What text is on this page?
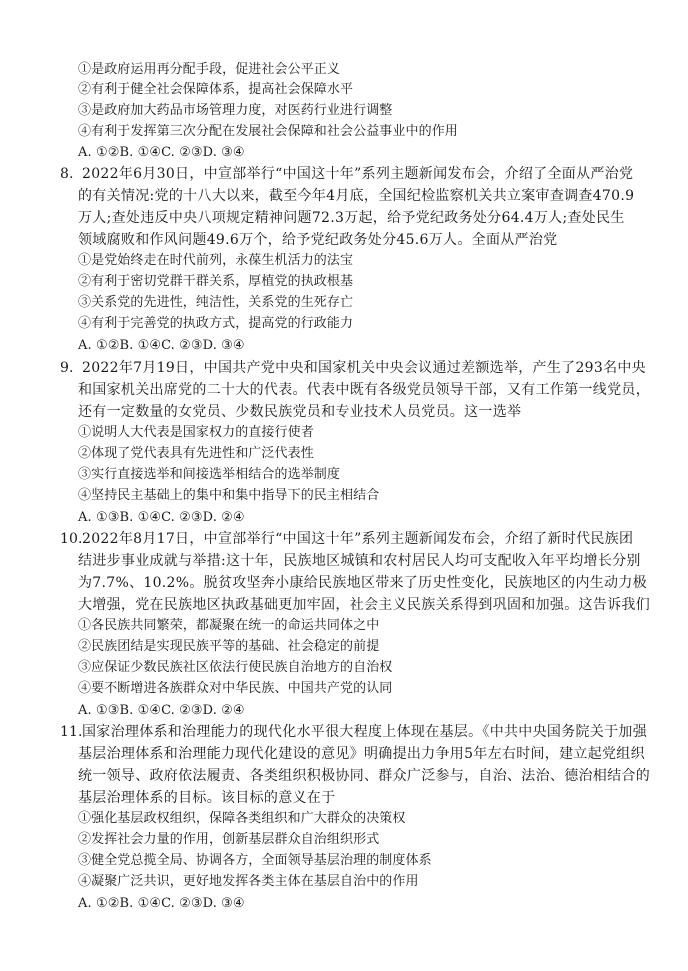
①是政府运用再分配手段，促进社会公平正义
②有利于健全社会保障体系，提高社会保障水平
③是政府加大药品市场管理力度，对医药行业进行调整
④有利于发挥第三次分配在发展社会保障和社会公益事业中的作用
A. ①②B. ①④C. ②③D. ③④
8. 2022年6月30日，中宣部举行“中国这十年”系列主题新闻发布会，介绍了全面从严治党
的有关情况:党的十八大以来，截至今年4月底，全国纪检监察机关共立案审查调查470.9
万人;查处违反中央八项规定精神问题72.3万起，给予党纪政务处分64.4万人;查处民生
领域腐败和作风问题49.6万个，给予党纪政务处分45.6万人。全面从严治党
①是党始终走在时代前列，永葆生机活力的法宝
②有利于密切党群干群关系，厚植党的执政根基
③关系党的先进性，纯洁性，关系党的生死存亡
④有利于完善党的执政方式，提高党的行政能力
A. ①②B. ①④C. ②③D. ③④
9. 2022年7月19日，中国共产党中央和国家机关中央会议通过差额选举，产生了293名中央
和国家机关出席党的二十大的代表。代表中既有各级党员领导干部，又有工作第一线党员，
还有一定数量的女党员、少数民族党员和专业技术人员党员。这一选举
①说明人大代表是国家权力的直接行使者
②体现了党代表具有先进性和广泛代表性
③实行直接选举和间接选举相结合的选举制度
④坚持民主基础上的集中和集中指导下的民主相结合
A. ①③B. ①④C. ②③D. ②④
10. 2022年8月17日，中宣部举行“中国这十年”系列主题新闻发布会，介绍了新时代民族团
结进步事业成就与举措:这十年，民族地区城镇和农村居民人均可支配收入年平均增长分别
为7.7%、10.2%。脱贫攻坚奔小康给民族地区带来了历史性变化，民族地区的内生动力极
大增强，党在民族地区执政基础更加牢固，社会主义民族关系得到巩固和加强。这告诉我们
①各民族共同繁荣，都凝聚在统一的命运共同体之中
②民族团结是实现民族平等的基础、社会稳定的前提
③应保证少数民族社区依法行使民族自治地方的自治权
④要不断增进各族群众对中华民族、中国共产党的认同
A. ①③B. ①④C. ②③D. ②④
11. 国家治理体系和治理能力的现代化水平很大程度上体现在基层。《中共中央国务院关于加强
基层治理体系和治理能力现代化建设的意见》明确提出力争用5年左右时间，建立起党组织
统一领导、政府依法履责、各类组织积极协同、群众广泛参与，自治、法治、德治相结合的
基层治理体系的目标。该目标的意义在于
①强化基层政权组织，保障各类组织和广大群众的决策权
②发挥社会力量的作用，创新基层群众自治组织形式
③健全党总揽全局、协调各方，全面领导基层治理的制度体系
④凝聚广泛共识，更好地发挥各类主体在基层自治中的作用
A. ①②B. ①④C. ②③D. ③④
